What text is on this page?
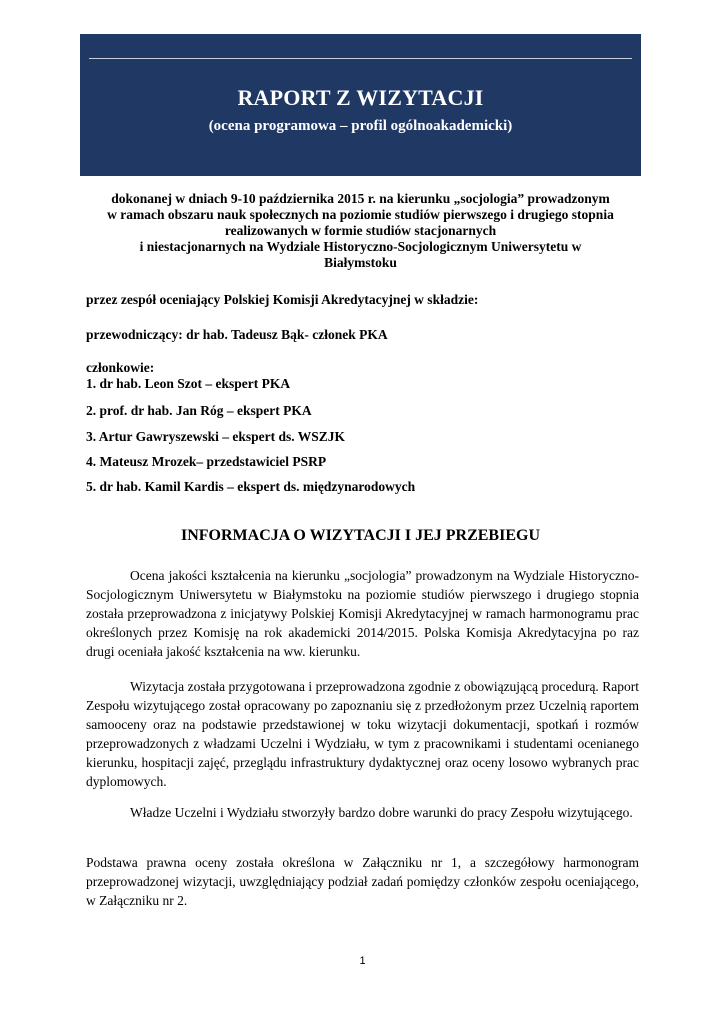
RAPORT Z WIZYTACJI
(ocena programowa – profil ogólnoakademicki)
dokonanej w dniach 9-10 października 2015 r. na kierunku „socjologia” prowadzonym
w ramach obszaru nauk społecznych na poziomie studiów pierwszego i drugiego stopnia
realizowanych w formie studiów stacjonarnych
i niestacjonarnych na Wydziale Historyczno-Socjologicznym Uniwersytetu w
Białymstoku
przez zespół oceniający Polskiej Komisji Akredytacyjnej w składzie:
przewodniczący: dr hab. Tadeusz Bąk- członek PKA
członkowie:
1. dr hab. Leon Szot – ekspert PKA
2. prof. dr hab. Jan Róg – ekspert PKA
3. Artur Gawryszewski – ekspert ds. WSZJK
4. Mateusz Mrozek– przedstawiciel PSRP
5. dr hab. Kamil Kardis – ekspert ds. międzynarodowych
INFORMACJA O WIZYTACJI I JEJ PRZEBIEGU

Ocena jakości kształcenia na kierunku „socjologia” prowadzonym na Wydziale Historyczno-Socjologicznym Uniwersytetu w Białymstoku na poziomie studiów pierwszego i drugiego stopnia została przeprowadzona z inicjatywy Polskiej Komisji Akredytacyjnej w ramach harmonogramu prac określonych przez Komisję na rok akademicki 2014/2015. Polska Komisja Akredytacyjna po raz drugi oceniała jakość kształcenia na ww. kierunku.

Wizytacja została przygotowana i przeprowadzona zgodnie z obowiązującą procedurą. Raport Zespołu wizytującego został opracowany po zapoznaniu się z przedłożonym przez Uczelnią raportem samooceny oraz na podstawie przedstawionej w toku wizytacji dokumentacji, spotkań i rozmów przeprowadzonych z władzami Uczelni i Wydziału, w tym z pracownikami i studentami ocenianego kierunku, hospitacji zajęć, przeglądu infrastruktury dydaktycznej oraz oceny losowo wybranych prac dyplomowych.

Władze Uczelni i Wydziału stworzyły bardzo dobre warunki do pracy Zespołu wizytującego.

Podstawa prawna oceny została określona w Załączniku nr 1, a szczegółowy harmonogram przeprowadzonej wizytacji, uwzględniający podział zadań pomiędzy członków zespołu oceniającego, w Załączniku nr 2.

1
